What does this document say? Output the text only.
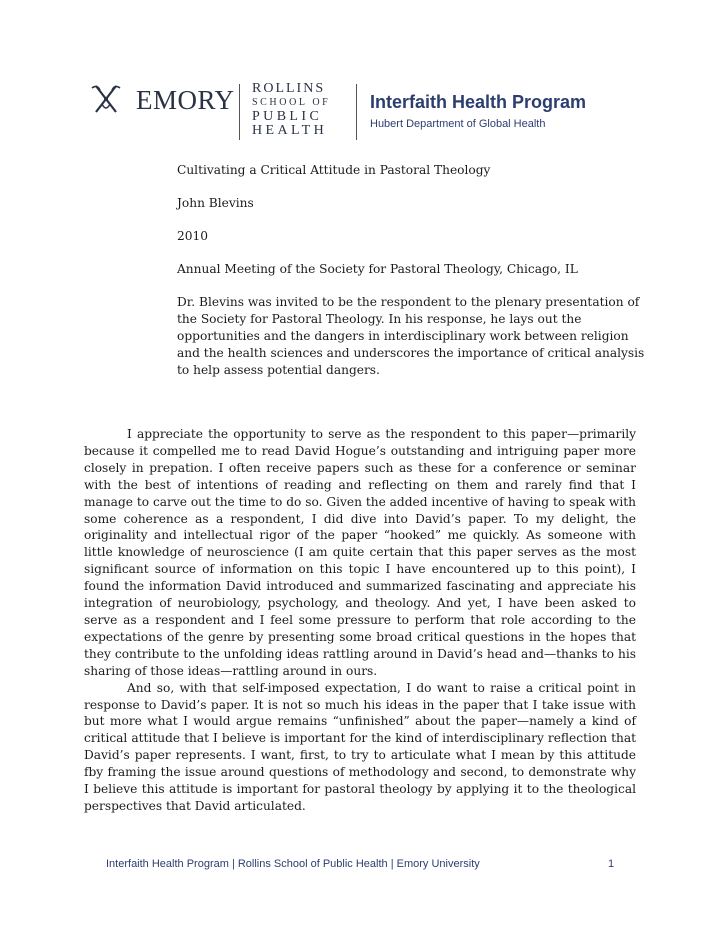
EMORY ROLLINS
SCHOOL OF
PUBLIC
HEALTH
Interfaith Health Program
Hubert Department of Global Health
Cultivating a Critical Attitude in Pastoral Theology
John Blevins
2010
Annual Meeting of the Society for Pastoral Theology, Chicago, IL
Dr. Blevins was invited to be the respondent to the plenary presentation of
the Society for Pastoral Theology. In his response, he lays out the
opportunities and the dangers in interdisciplinary work between religion
and the health sciences and underscores the importance of critical analysis
to help assess potential dangers.

I appreciate the opportunity to serve as the respondent to this paper—primarily because it compelled me to read David Hogue’s outstanding and intriguing paper more closely in prepation. I often receive papers such as these for a conference or seminar with the best of intentions of reading and reflecting on them and rarely find that I manage to carve out the time to do so. Given the added incentive of having to speak with some coherence as a respondent, I did dive into David’s paper. To my delight, the originality and intellectual rigor of the paper “hooked” me quickly. As someone with little knowledge of neuroscience (I am quite certain that this paper serves as the most significant source of information on this topic I have encountered up to this point), I found the information David introduced and summarized fascinating and appreciate his integration of neurobiology, psychology, and theology. And yet, I have been asked to serve as a respondent and I feel some pressure to perform that role according to the expectations of the genre by presenting some broad critical questions in the hopes that they contribute to the unfolding ideas rattling around in David’s head and—thanks to his sharing of those ideas—rattling around in ours.

And so, with that self-imposed expectation, I do want to raise a critical point in response to David’s paper. It is not so much his ideas in the paper that I take issue with but more what I would argue remains “unfinished” about the paper—namely a kind of critical attitude that I believe is important for the kind of interdisciplinary reflection that David’s paper represents. I want, first, to try to articulate what I mean by this attitude fby framing the issue around questions of methodology and second, to demonstrate why I believe this attitude is important for pastoral theology by applying it to the theological perspectives that David articulated.

Interfaith Health Program | Rollins School of Public Health | Emory University	1
